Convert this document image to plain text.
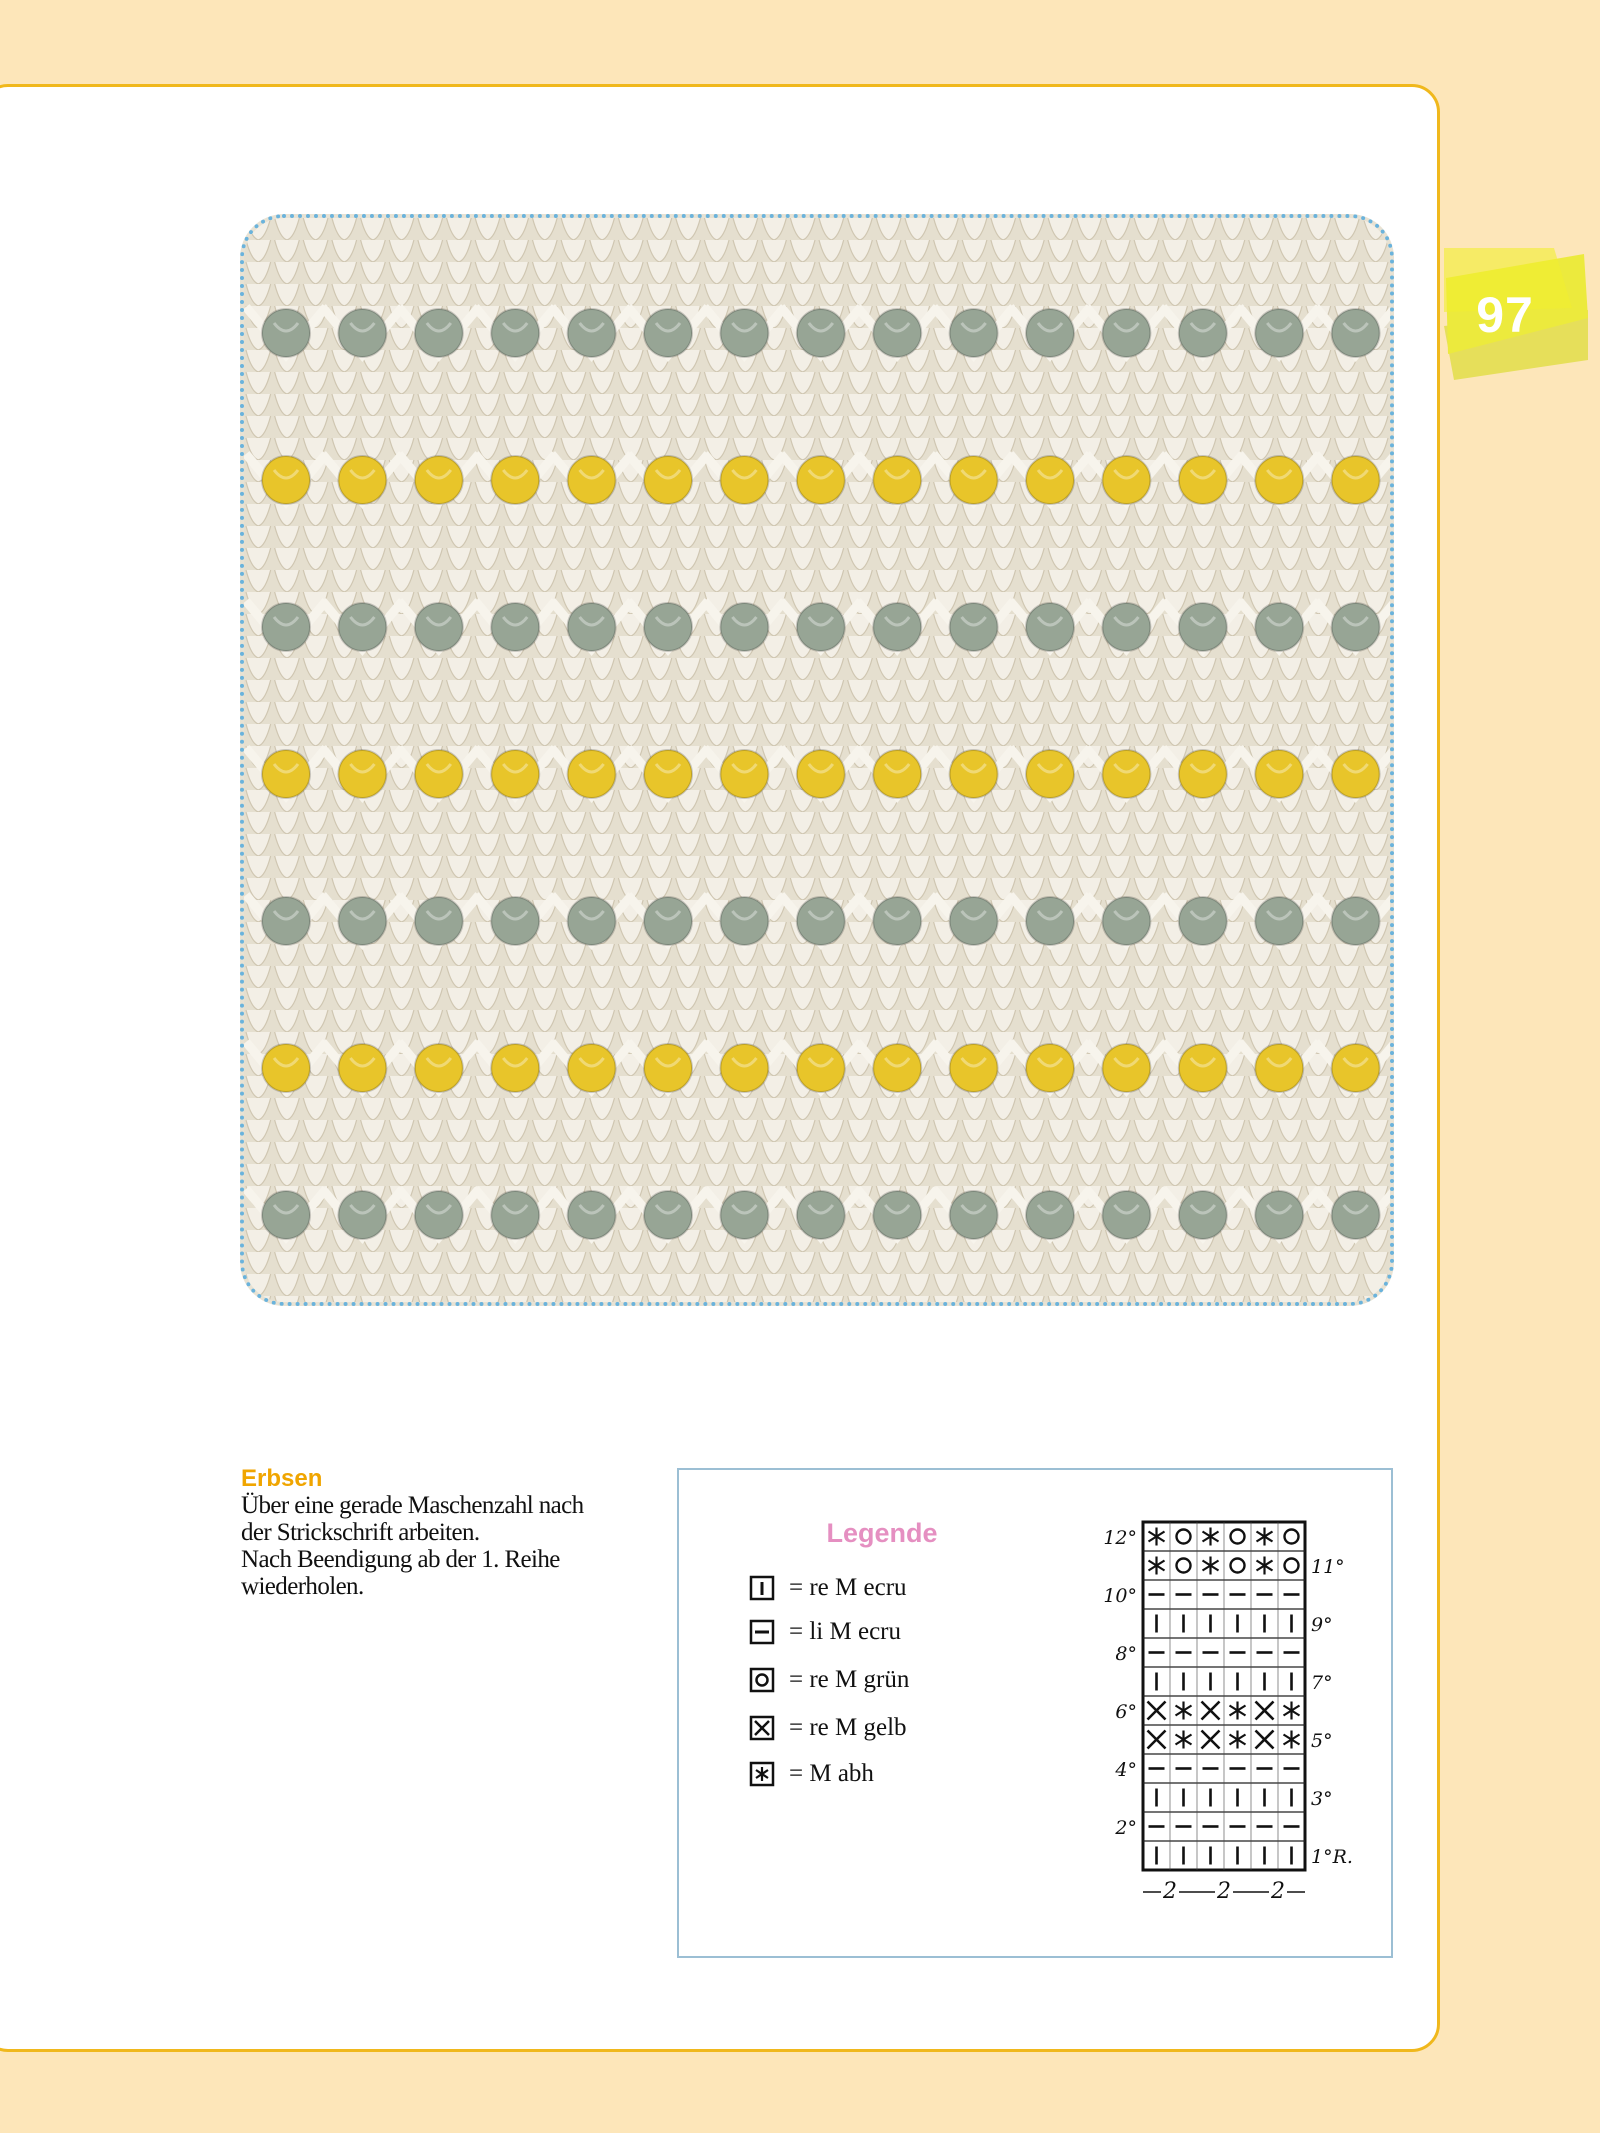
97
Erbsen
Über eine gerade Maschenzahl nach
der Strickschrift arbeiten.
Nach Beendigung ab der 1. Reihe
wiederholen.
Legende
= re M ecru
= li M ecru
= re M grün
= re M gelb
= M abh
12°
10°
8°
6°
4°
2°
11°
9°
7°
5°
3°
1°R.
2 2 2
